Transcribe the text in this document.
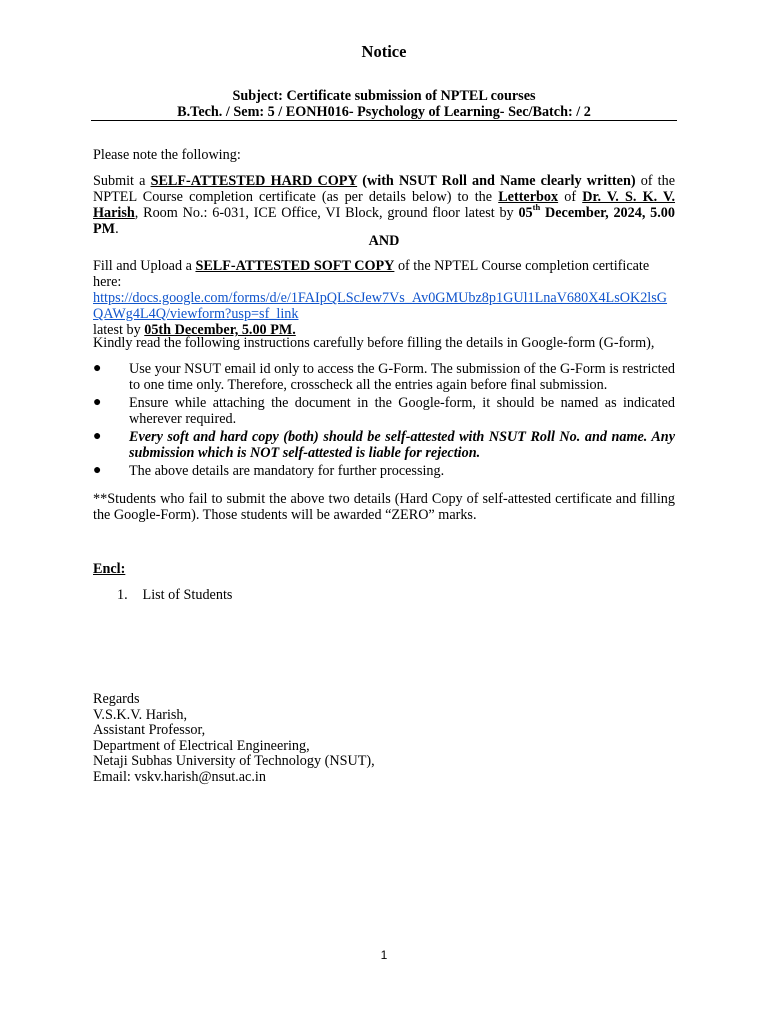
Notice
Subject: Certificate submission of NPTEL courses
B.Tech. / Sem: 5 / EONH016- Psychology of Learning- Sec/Batch: / 2
Please note the following:
Submit a SELF-ATTESTED HARD COPY (with NSUT Roll and Name clearly written) of the NPTEL Course completion certificate (as per details below) to the Letterbox of Dr. V. S. K. V. Harish, Room No.: 6-031, ICE Office, VI Block, ground floor latest by 05th December, 2024, 5.00 PM.
AND
Fill and Upload a SELF-ATTESTED SOFT COPY of the NPTEL Course completion certificate here:
https://docs.google.com/forms/d/e/1FAIpQLScJew7Vs_Av0GMUbz8p1GUl1LnaV680X4LsOK2lsG
QAWg4L4Q/viewform?usp=sf_link
latest by 05th December, 5.00 PM.
Kindly read the following instructions carefully before filling the details in Google-form (G-form),
●	Use your NSUT email id only to access the G-Form. The submission of the G-Form is restricted to one time only. Therefore, crosscheck all the entries again before final submission.
●	Ensure while attaching the document in the Google-form, it should be named as indicated wherever required.
●	Every soft and hard copy (both) should be self-attested with NSUT Roll No. and name. Any submission which is NOT self-attested is liable for rejection.
●	The above details are mandatory for further processing.
**Students who fail to submit the above two details (Hard Copy of self-attested certificate and filling the Google-Form). Those students will be awarded “ZERO” marks.
Encl:
1. List of Students
Regards
V.S.K.V. Harish,
Assistant Professor,
Department of Electrical Engineering,
Netaji Subhas University of Technology (NSUT),
Email: vskv.harish@nsut.ac.in
1
